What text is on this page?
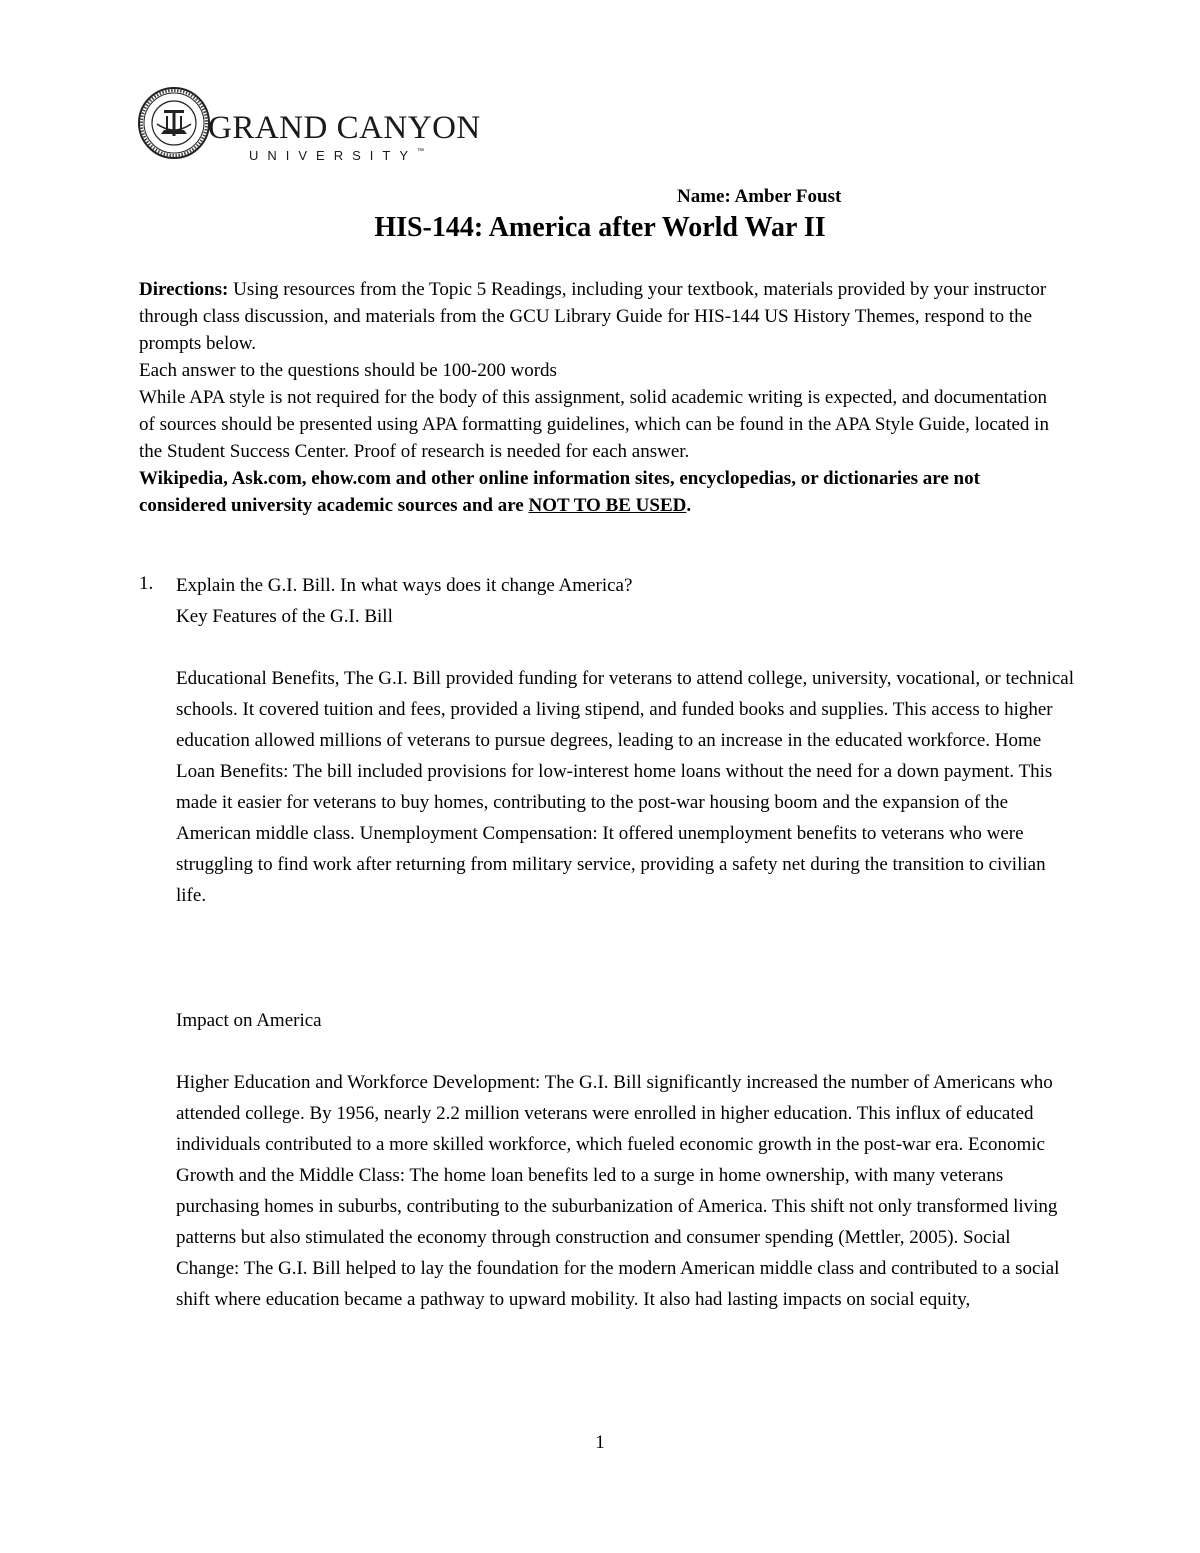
GRAND CANYON
UNIVERSITY™
Name: Amber Foust
HIS-144: America after World War II

Directions: Using resources from the Topic 5 Readings, including your textbook, materials provided by your instructor through class discussion, and materials from the GCU Library Guide for HIS-144 US History Themes, respond to the prompts below.

Each answer to the questions should be 100-200 words

While APA style is not required for the body of this assignment, solid academic writing is expected, and documentation of sources should be presented using APA formatting guidelines, which can be found in the APA Style Guide, located in the Student Success Center. Proof of research is needed for each answer.

Wikipedia, Ask.com, ehow.com and other online information sites, encyclopedias, or dictionaries are not considered university academic sources and are NOT TO BE USED.

1. Explain the G.I. Bill. In what ways does it change America?

Key Features of the G.I. Bill

Educational Benefits, The G.I. Bill provided funding for veterans to attend college, university, vocational, or technical schools. It covered tuition and fees, provided a living stipend, and funded books and supplies. This access to higher education allowed millions of veterans to pursue degrees, leading to an increase in the educated workforce. Home Loan Benefits: The bill included provisions for low-interest home loans without the need for a down payment. This made it easier for veterans to buy homes, contributing to the post-war housing boom and the expansion of the American middle class. Unemployment Compensation: It offered unemployment benefits to veterans who were struggling to find work after returning from military service, providing a safety net during the transition to civilian life.

Impact on America

Higher Education and Workforce Development: The G.I. Bill significantly increased the number of Americans who attended college. By 1956, nearly 2.2 million veterans were enrolled in higher education. This influx of educated individuals contributed to a more skilled workforce, which fueled economic growth in the post-war era. Economic Growth and the Middle Class: The home loan benefits led to a surge in home ownership, with many veterans purchasing homes in suburbs, contributing to the suburbanization of America. This shift not only transformed living patterns but also stimulated the economy through construction and consumer spending (Mettler, 2005). Social Change: The G.I. Bill helped to lay the foundation for the modern American middle class and contributed to a social shift where education became a pathway to upward mobility. It also had lasting impacts on social equity,

1
